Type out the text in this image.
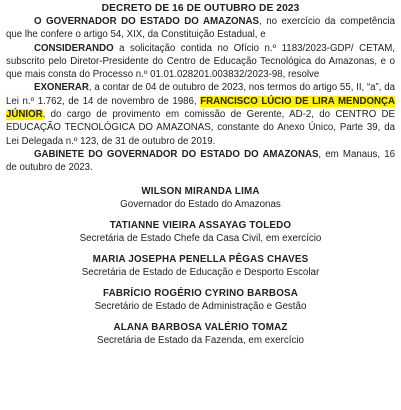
DECRETO DE 16 DE OUTUBRO DE 2023

O GOVERNADOR DO ESTADO DO AMAZONAS, no exercício da competência que lhe confere o artigo 54, XIX, da Constituição Estadual, e

CONSIDERANDO a solicitação contida no Ofício n.º 1183/2023-GDP/ CETAM, subscrito pelo Diretor-Presidente do Centro de Educação Tecnológica do Amazonas, e o que mais consta do Processo n.º 01.01.028201.003832/2023-98, resolve

EXONERAR, a contar de 04 de outubro de 2023, nos termos do artigo 55, II, “a”, da Lei n.º 1.762, de 14 de novembro de 1986, FRANCISCO LÚCIO DE LIRA MENDONÇA JÚNIOR, do cargo de provimento em comissão de Gerente, AD-2, do CENTRO DE EDUCAÇÃO TECNOLÓGICA DO AMAZONAS, constante do Anexo Único, Parte 39, da Lei Delegada n.º 123, de 31 de outubro de 2019.

GABINETE DO GOVERNADOR DO ESTADO DO AMAZONAS, em Manaus, 16 de outubro de 2023.

WILSON MIRANDA LIMA
Governador do Estado do Amazonas
TATIANNE VIEIRA ASSAYAG TOLEDO
Secretária de Estado Chefe da Casa Civil, em exercício
MARIA JOSEPHA PENELLA PÊGAS CHAVES
Secretária de Estado de Educação e Desporto Escolar
FABRÍCIO ROGÉRIO CYRINO BARBOSA
Secretário de Estado de Administração e Gestão
ALANA BARBOSA VALÉRIO TOMAZ
Secretária de Estado da Fazenda, em exercício
